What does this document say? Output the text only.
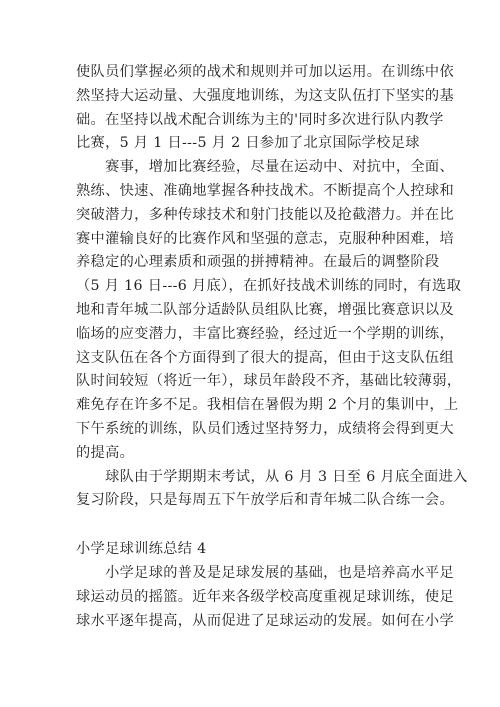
使队员们掌握必须的战术和规则并可加以运用。在训练中依
然坚持大运动量、大强度地训练，为这支队伍打下坚实的基
础。在坚持以战术配合训练为主的'同时多次进行队内教学
比赛，5 月 1 日---5 月 2 日参加了北京国际学校足球
　　赛事，增加比赛经验，尽量在运动中、对抗中，全面、
熟练、快速、准确地掌握各种技战术。不断提高个人控球和
突破潜力，多种传球技术和射门技能以及抢截潜力。并在比
赛中灌输良好的比赛作风和坚强的意志，克服种种困难，培
养稳定的心理素质和顽强的拼搏精神。在最后的调整阶段
（5 月 16 日---6 月底），在抓好技战术训练的同时，有选取
地和青年城二队部分适龄队员组队比赛，增强比赛意识以及
临场的应变潜力，丰富比赛经验，经过近一个学期的训练，
这支队伍在各个方面得到了很大的提高，但由于这支队伍组
队时间较短（将近一年），球员年龄段不齐，基础比较薄弱，
难免存在许多不足。我相信在暑假为期 2 个月的集训中，上
下午系统的训练，队员们透过坚持努力，成绩将会得到更大
的提高。
　　球队由于学期期末考试，从 6 月 3 日至 6 月底全面进入
复习阶段，只是每周五下午放学后和青年城二队合练一会。
小学足球训练总结 4
　　小学足球的普及是足球发展的基础，也是培养高水平足
球运动员的摇篮。近年来各级学校高度重视足球训练，使足
球水平逐年提高，从而促进了足球运动的发展。如何在小学
